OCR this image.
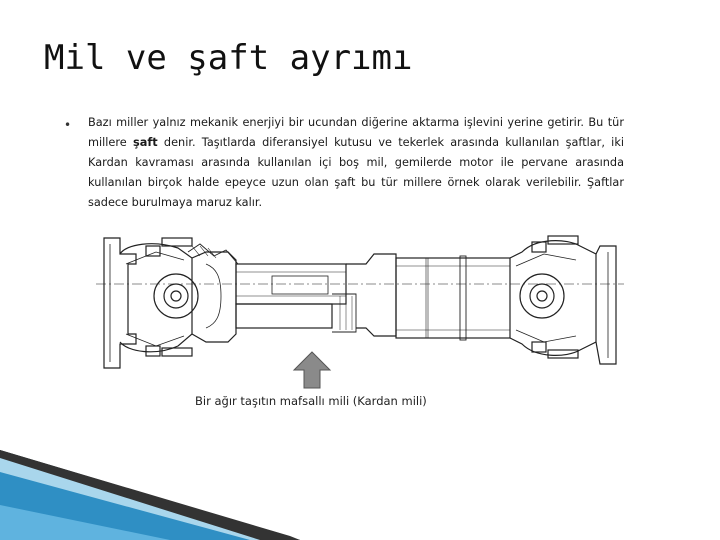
Mil ve şaft ayrımı
• Bazı miller yalnız mekanik enerjiyi bir ucundan diğerine aktarma işlevini yerine getirir. Bu tür millere şaft denir. Taşıtlarda diferansiyel kutusu ve tekerlek arasında kullanılan şaftlar, iki Kardan kavraması arasında kullanılan içi boş mil, gemilerde motor ile pervane arasında kullanılan birçok halde epeyce uzun olan şaft bu tür millere örnek olarak verilebilir. Şaftlar sadece burulmaya maruz kalır.
Bir ağır taşıtın mafsallı mili (Kardan mili)
